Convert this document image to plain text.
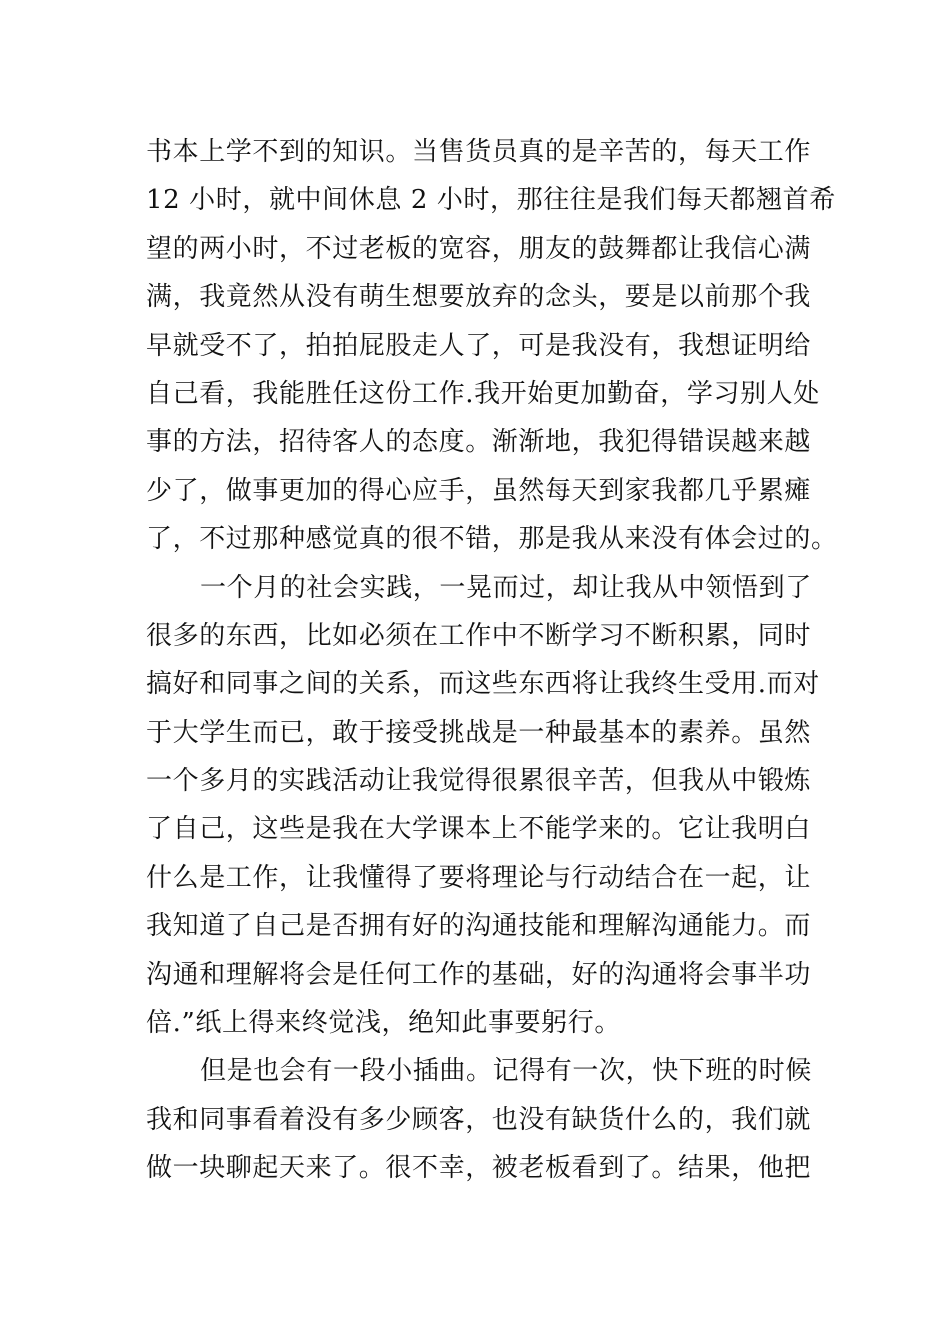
书本上学不到的知识。当售货员真的是辛苦的，每天工作
12 小时，就中间休息 2 小时，那往往是我们每天都翘首希
望的两小时，不过老板的宽容，朋友的鼓舞都让我信心满
满，我竟然从没有萌生想要放弃的念头，要是以前那个我
早就受不了，拍拍屁股走人了，可是我没有，我想证明给
自己看，我能胜任这份工作.我开始更加勤奋，学习别人处
事的方法，招待客人的态度。渐渐地，我犯得错误越来越
少了，做事更加的得心应手，虽然每天到家我都几乎累瘫
了，不过那种感觉真的很不错，那是我从来没有体会过的。
一个月的社会实践，一晃而过，却让我从中领悟到了
很多的东西，比如必须在工作中不断学习不断积累，同时
搞好和同事之间的关系，而这些东西将让我终生受用.而对
于大学生而已，敢于接受挑战是一种最基本的素养。虽然
一个多月的实践活动让我觉得很累很辛苦，但我从中锻炼
了自己，这些是我在大学课本上不能学来的。它让我明白
什么是工作，让我懂得了要将理论与行动结合在一起，让
我知道了自己是否拥有好的沟通技能和理解沟通能力。而
沟通和理解将会是任何工作的基础，好的沟通将会事半功
倍.”纸上得来终觉浅，绝知此事要躬行。
但是也会有一段小插曲。记得有一次，快下班的时候
我和同事看着没有多少顾客，也没有缺货什么的，我们就
做一块聊起天来了。很不幸，被老板看到了。结果，他把
